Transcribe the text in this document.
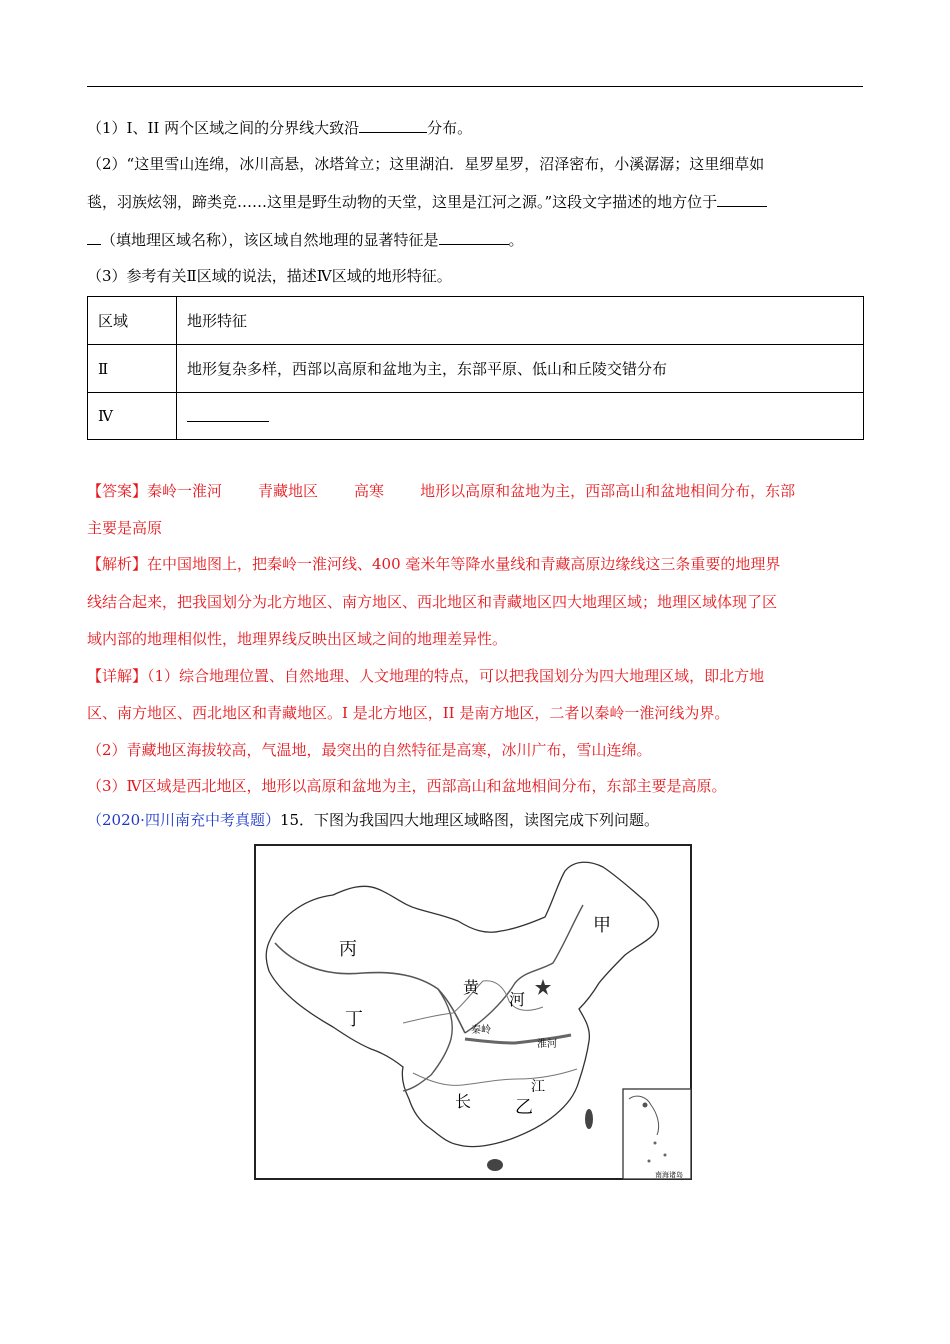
（1）I、II 两个区域之间的分界线大致沿	分布。
（2）“这里雪山连绵，冰川高悬，冰塔耸立；这里湖泊．星罗星罗，沼泽密布，小溪潺潺；这里细草如
毯，羽族炫翎，蹄类竞……这里是野生动物的天堂，这里是江河之源。”这段文字描述的地方位于
（填地理区域名称），该区域自然地理的显著特征是	。
（3）参考有关Ⅱ区域的说法，描述Ⅳ区域的地形特征。
区域	地形特征
Ⅱ	地形复杂多样，西部以高原和盆地为主，东部平原、低山和丘陵交错分布
Ⅳ	
【答案】秦岭一淮河 青藏地区 高寒 地形以高原和盆地为主，西部高山和盆地相间分布，东部
主要是高原
【解析】在中国地图上，把秦岭一淮河线、400 毫米年等降水量线和青藏高原边缘线这三条重要的地理界
线结合起来，把我国划分为北方地区、南方地区、西北地区和青藏地区四大地理区域；地理区域体现了区
域内部的地理相似性，地理界线反映出区域之间的地理差异性。
【详解】（1）综合地理位置、自然地理、人文地理的特点，可以把我国划分为四大地理区域，即北方地
区、南方地区、西北地区和青藏地区。I 是北方地区，II 是南方地区，二者以秦岭一淮河线为界。
（2）青藏地区海拔较高，气温地，最突出的自然特征是高寒，冰川广布，雪山连绵。
（3）Ⅳ区域是西北地区，地形以高原和盆地为主，西部高山和盆地相间分布，东部主要是高原。
（2020·四川南充中考真题）15．下图为我国四大地理区域略图，读图完成下列问题。
甲
乙
丙
丁
黄
河
长
江
秦岭
淮河
南海诸岛
